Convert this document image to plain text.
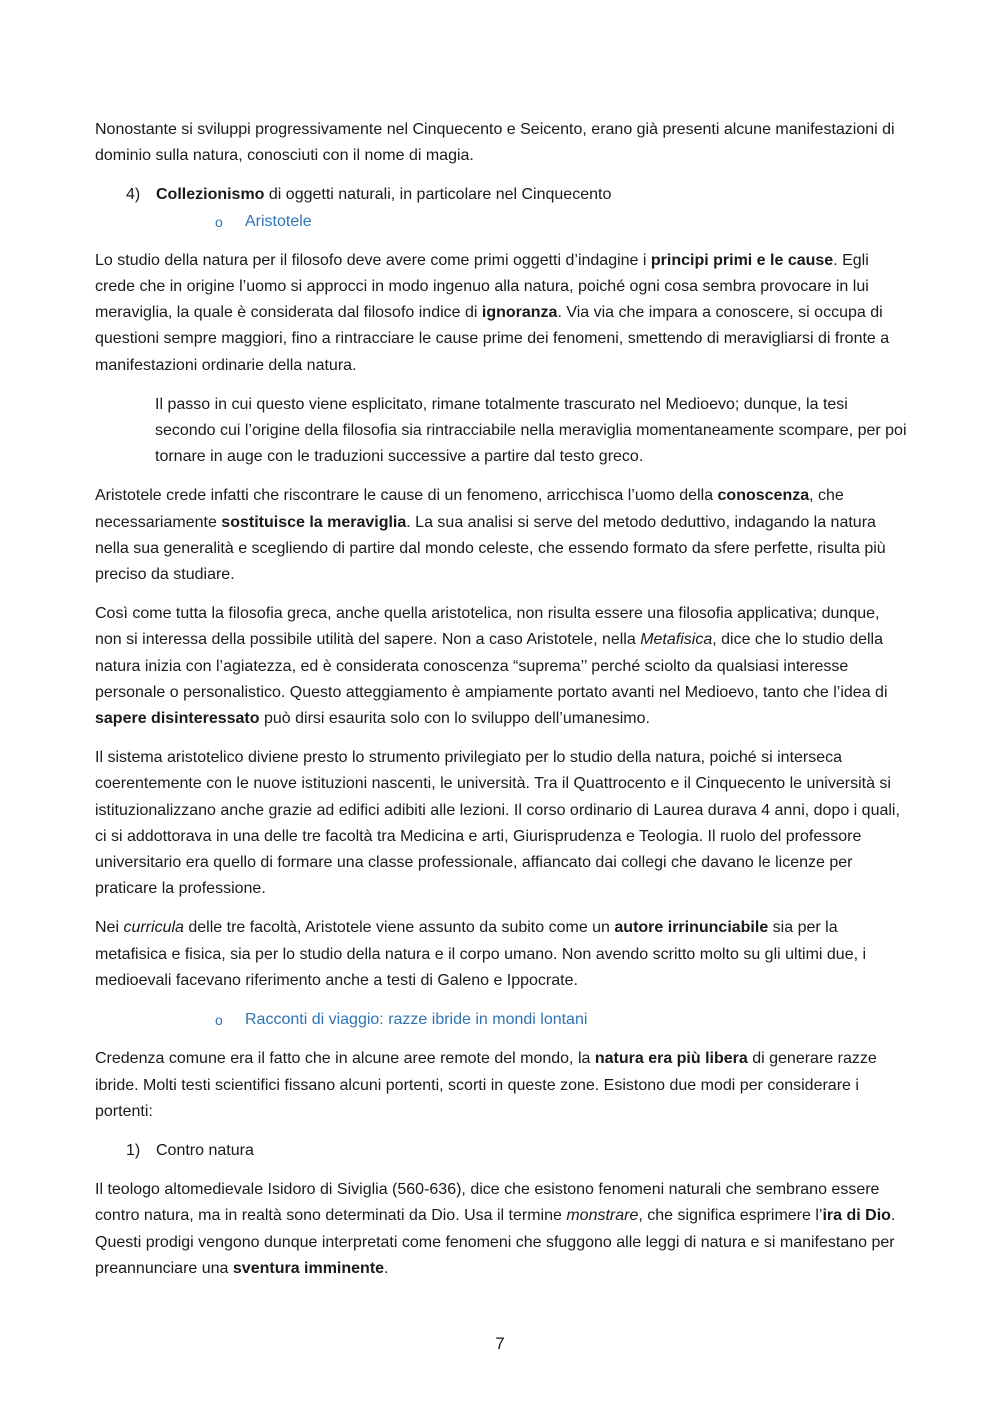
Nonostante si sviluppi progressivamente nel Cinquecento e Seicento, erano già presenti alcune manifestazioni di dominio sulla natura, conosciuti con il nome di magia.

4) Collezionismo di oggetti naturali, in particolare nel Cinquecento
o	Aristotele

Lo studio della natura per il filosofo deve avere come primi oggetti d’indagine i principi primi e le cause. Egli crede che in origine l’uomo si approcci in modo ingenuo alla natura, poiché ogni cosa sembra provocare in lui meraviglia, la quale è considerata dal filosofo indice di ignoranza. Via via che impara a conoscere, si occupa di questioni sempre maggiori, fino a rintracciare le cause prime dei fenomeni, smettendo di meravigliarsi di fronte a manifestazioni ordinarie della natura.

Il passo in cui questo viene esplicitato, rimane totalmente trascurato nel Medioevo; dunque, la tesi secondo cui l’origine della filosofia sia rintracciabile nella meraviglia momentaneamente scompare, per poi tornare in auge con le traduzioni successive a partire dal testo greco.

Aristotele crede infatti che riscontrare le cause di un fenomeno, arricchisca l’uomo della conoscenza, che necessariamente sostituisce la meraviglia. La sua analisi si serve del metodo deduttivo, indagando la natura nella sua generalità e scegliendo di partire dal mondo celeste, che essendo formato da sfere perfette, risulta più preciso da studiare.

Così come tutta la filosofia greca, anche quella aristotelica, non risulta essere una filosofia applicativa; dunque, non si interessa della possibile utilità del sapere. Non a caso Aristotele, nella Metafisica, dice che lo studio della natura inizia con l’agiatezza, ed è considerata conoscenza “suprema’’ perché sciolto da qualsiasi interesse personale o personalistico. Questo atteggiamento è ampiamente portato avanti nel Medioevo, tanto che l’idea di sapere disinteressato può dirsi esaurita solo con lo sviluppo dell’umanesimo.

Il sistema aristotelico diviene presto lo strumento privilegiato per lo studio della natura, poiché si interseca coerentemente con le nuove istituzioni nascenti, le università. Tra il Quattrocento e il Cinquecento le università si istituzionalizzano anche grazie ad edifici adibiti alle lezioni. Il corso ordinario di Laurea durava 4 anni, dopo i quali, ci si addottorava in una delle tre facoltà tra Medicina e arti, Giurisprudenza e Teologia. Il ruolo del professore universitario era quello di formare una classe professionale, affiancato dai collegi che davano le licenze per praticare la professione.

Nei curricula delle tre facoltà, Aristotele viene assunto da subito come un autore irrinunciabile sia per la metafisica e fisica, sia per lo studio della natura e il corpo umano. Non avendo scritto molto su gli ultimi due, i medioevali facevano riferimento anche a testi di Galeno e Ippocrate.

o	Racconti di viaggio: razze ibride in mondi lontani

Credenza comune era il fatto che in alcune aree remote del mondo, la natura era più libera di generare razze ibride. Molti testi scientifici fissano alcuni portenti, scorti in queste zone. Esistono due modi per considerare i portenti:

1) Contro natura

Il teologo altomedievale Isidoro di Siviglia (560-636), dice che esistono fenomeni naturali che sembrano essere contro natura, ma in realtà sono determinati da Dio. Usa il termine monstrare, che significa esprimere l’ira di Dio. Questi prodigi vengono dunque interpretati come fenomeni che sfuggono alle leggi di natura e si manifestano per preannunciare una sventura imminente.

7
